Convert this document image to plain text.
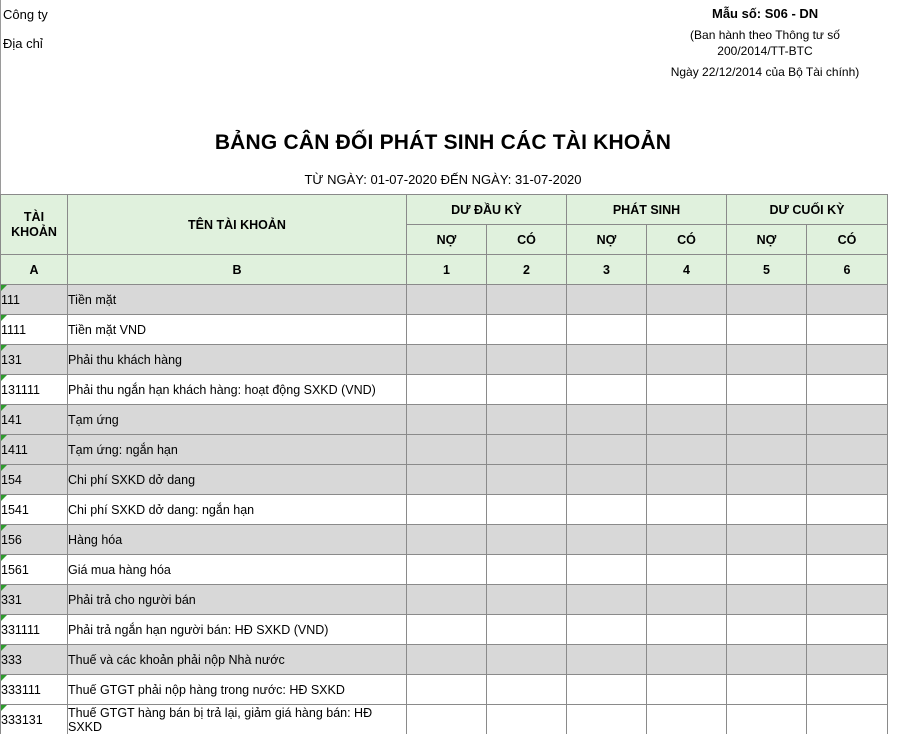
Công ty
Địa chỉ
Mẫu số: S06 - DN
(Ban hành theo Thông tư số 200/2014/TT-BTC
Ngày 22/12/2014 của Bộ Tài chính)
BẢNG CÂN ĐỐI PHÁT SINH CÁC TÀI KHOẢN
TỪ NGÀY: 01-07-2020 ĐẾN NGÀY: 31-07-2020
TÀI KHOẢN	TÊN TÀI KHOẢN	DƯ ĐẦU KỲ		PHÁT SINH		DƯ CUỐI KỲ	
		NỢ	CÓ	NỢ	CÓ	NỢ	CÓ
A	B	1	2	3	4	5	6

111	Tiền mặt						

1111	Tiền mặt VND						

131	Phải thu khách hàng						

131111	Phải thu ngắn hạn khách hàng: hoạt động SXKD (VND)						

141	Tạm ứng						

1411	Tạm ứng: ngắn hạn						

154	Chi phí SXKD dở dang						

1541	Chi phí SXKD dở dang: ngắn hạn						

156	Hàng hóa						

1561	Giá mua hàng hóa						

331	Phải trả cho người bán						

331111	Phải trả ngắn hạn người bán: HĐ SXKD (VND)						

333	Thuế và các khoản phải nộp Nhà nước						

333111	Thuế GTGT phải nộp hàng trong nước: HĐ SXKD						

333131	Thuế GTGT hàng bán bị trả lại, giảm giá hàng bán: HĐ SXKD						
